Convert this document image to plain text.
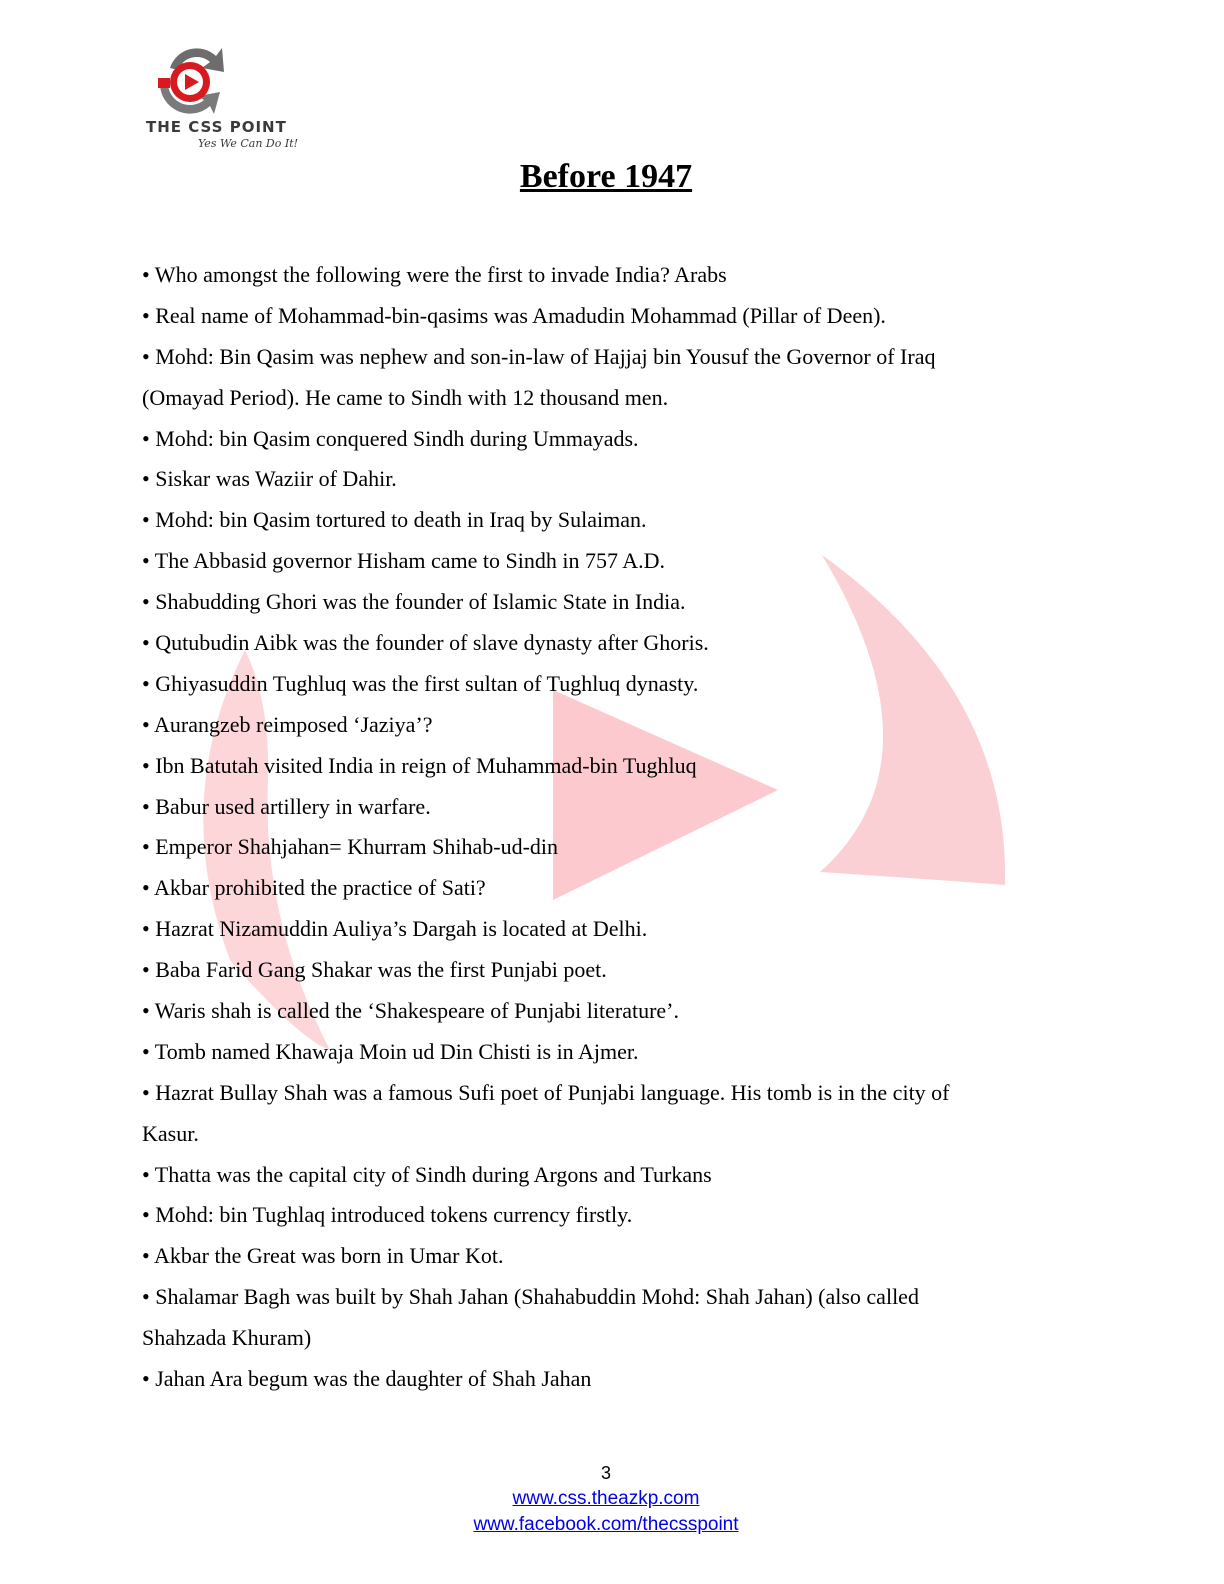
THE CSS POINT
Yes We Can Do It!
Before 1947
• Who amongst the following were the first to invade India? Arabs
• Real name of Mohammad-bin-qasims was Amadudin Mohammad (Pillar of Deen).
• Mohd: Bin Qasim was nephew and son-in-law of Hajjaj bin Yousuf the Governor of Iraq
(Omayad Period). He came to Sindh with 12 thousand men.
• Mohd: bin Qasim conquered Sindh during Ummayads.
• Siskar was Waziir of Dahir.
• Mohd: bin Qasim tortured to death in Iraq by Sulaiman.
• The Abbasid governor Hisham came to Sindh in 757 A.D.
• Shabudding Ghori was the founder of Islamic State in India.
• Qutubudin Aibk was the founder of slave dynasty after Ghoris.
• Ghiyasuddin Tughluq was the first sultan of Tughluq dynasty.
• Aurangzeb reimposed ‘Jaziya’?
• Ibn Batutah visited India in reign of Muhammad-bin Tughluq
• Babur used artillery in warfare.
• Emperor Shahjahan= Khurram Shihab-ud-din
• Akbar prohibited the practice of Sati?
• Hazrat Nizamuddin Auliya’s Dargah is located at Delhi.
• Baba Farid Gang Shakar was the first Punjabi poet.
• Waris shah is called the ‘Shakespeare of Punjabi literature’.
• Tomb named Khawaja Moin ud Din Chisti is in Ajmer.
• Hazrat Bullay Shah was a famous Sufi poet of Punjabi language. His tomb is in the city of
Kasur.
• Thatta was the capital city of Sindh during Argons and Turkans
• Mohd: bin Tughlaq introduced tokens currency firstly.
• Akbar the Great was born in Umar Kot.
• Shalamar Bagh was built by Shah Jahan (Shahabuddin Mohd: Shah Jahan) (also called
Shahzada Khuram)
• Jahan Ara begum was the daughter of Shah Jahan
3
www.css.theazkp.com
www.facebook.com/thecsspoint
